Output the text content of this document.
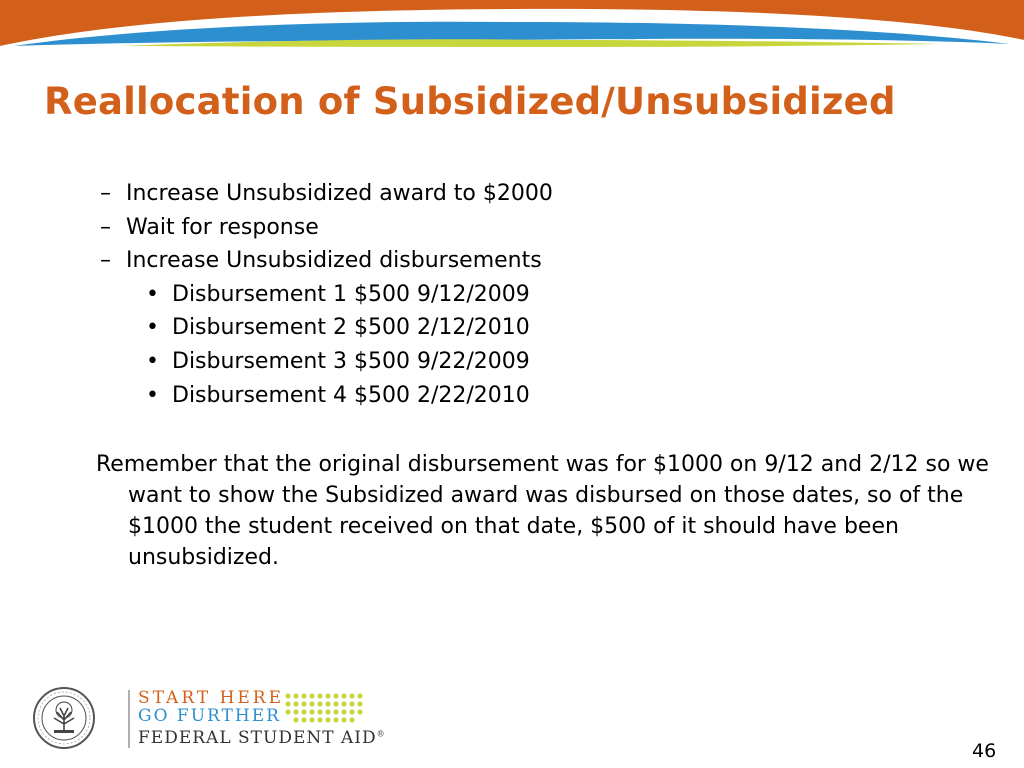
Reallocation of Subsidized/Unsubsidized
– Increase Unsubsidized award to $2000
– Wait for response
– Increase Unsubsidized disbursements
• Disbursement 1 $500 9/12/2009
• Disbursement 2 $500 2/12/2010
• Disbursement 3 $500 9/22/2009
• Disbursement 4 $500 2/22/2010

Remember that the original disbursement was for $1000 on 9/12 and 2/12 so we want to show the Subsidized award was disbursed on those dates, so of the $1000 the student received on that date, $500 of it should have been unsubsidized.

START HERE
GO FURTHER
FEDERAL STUDENT AID®
46
